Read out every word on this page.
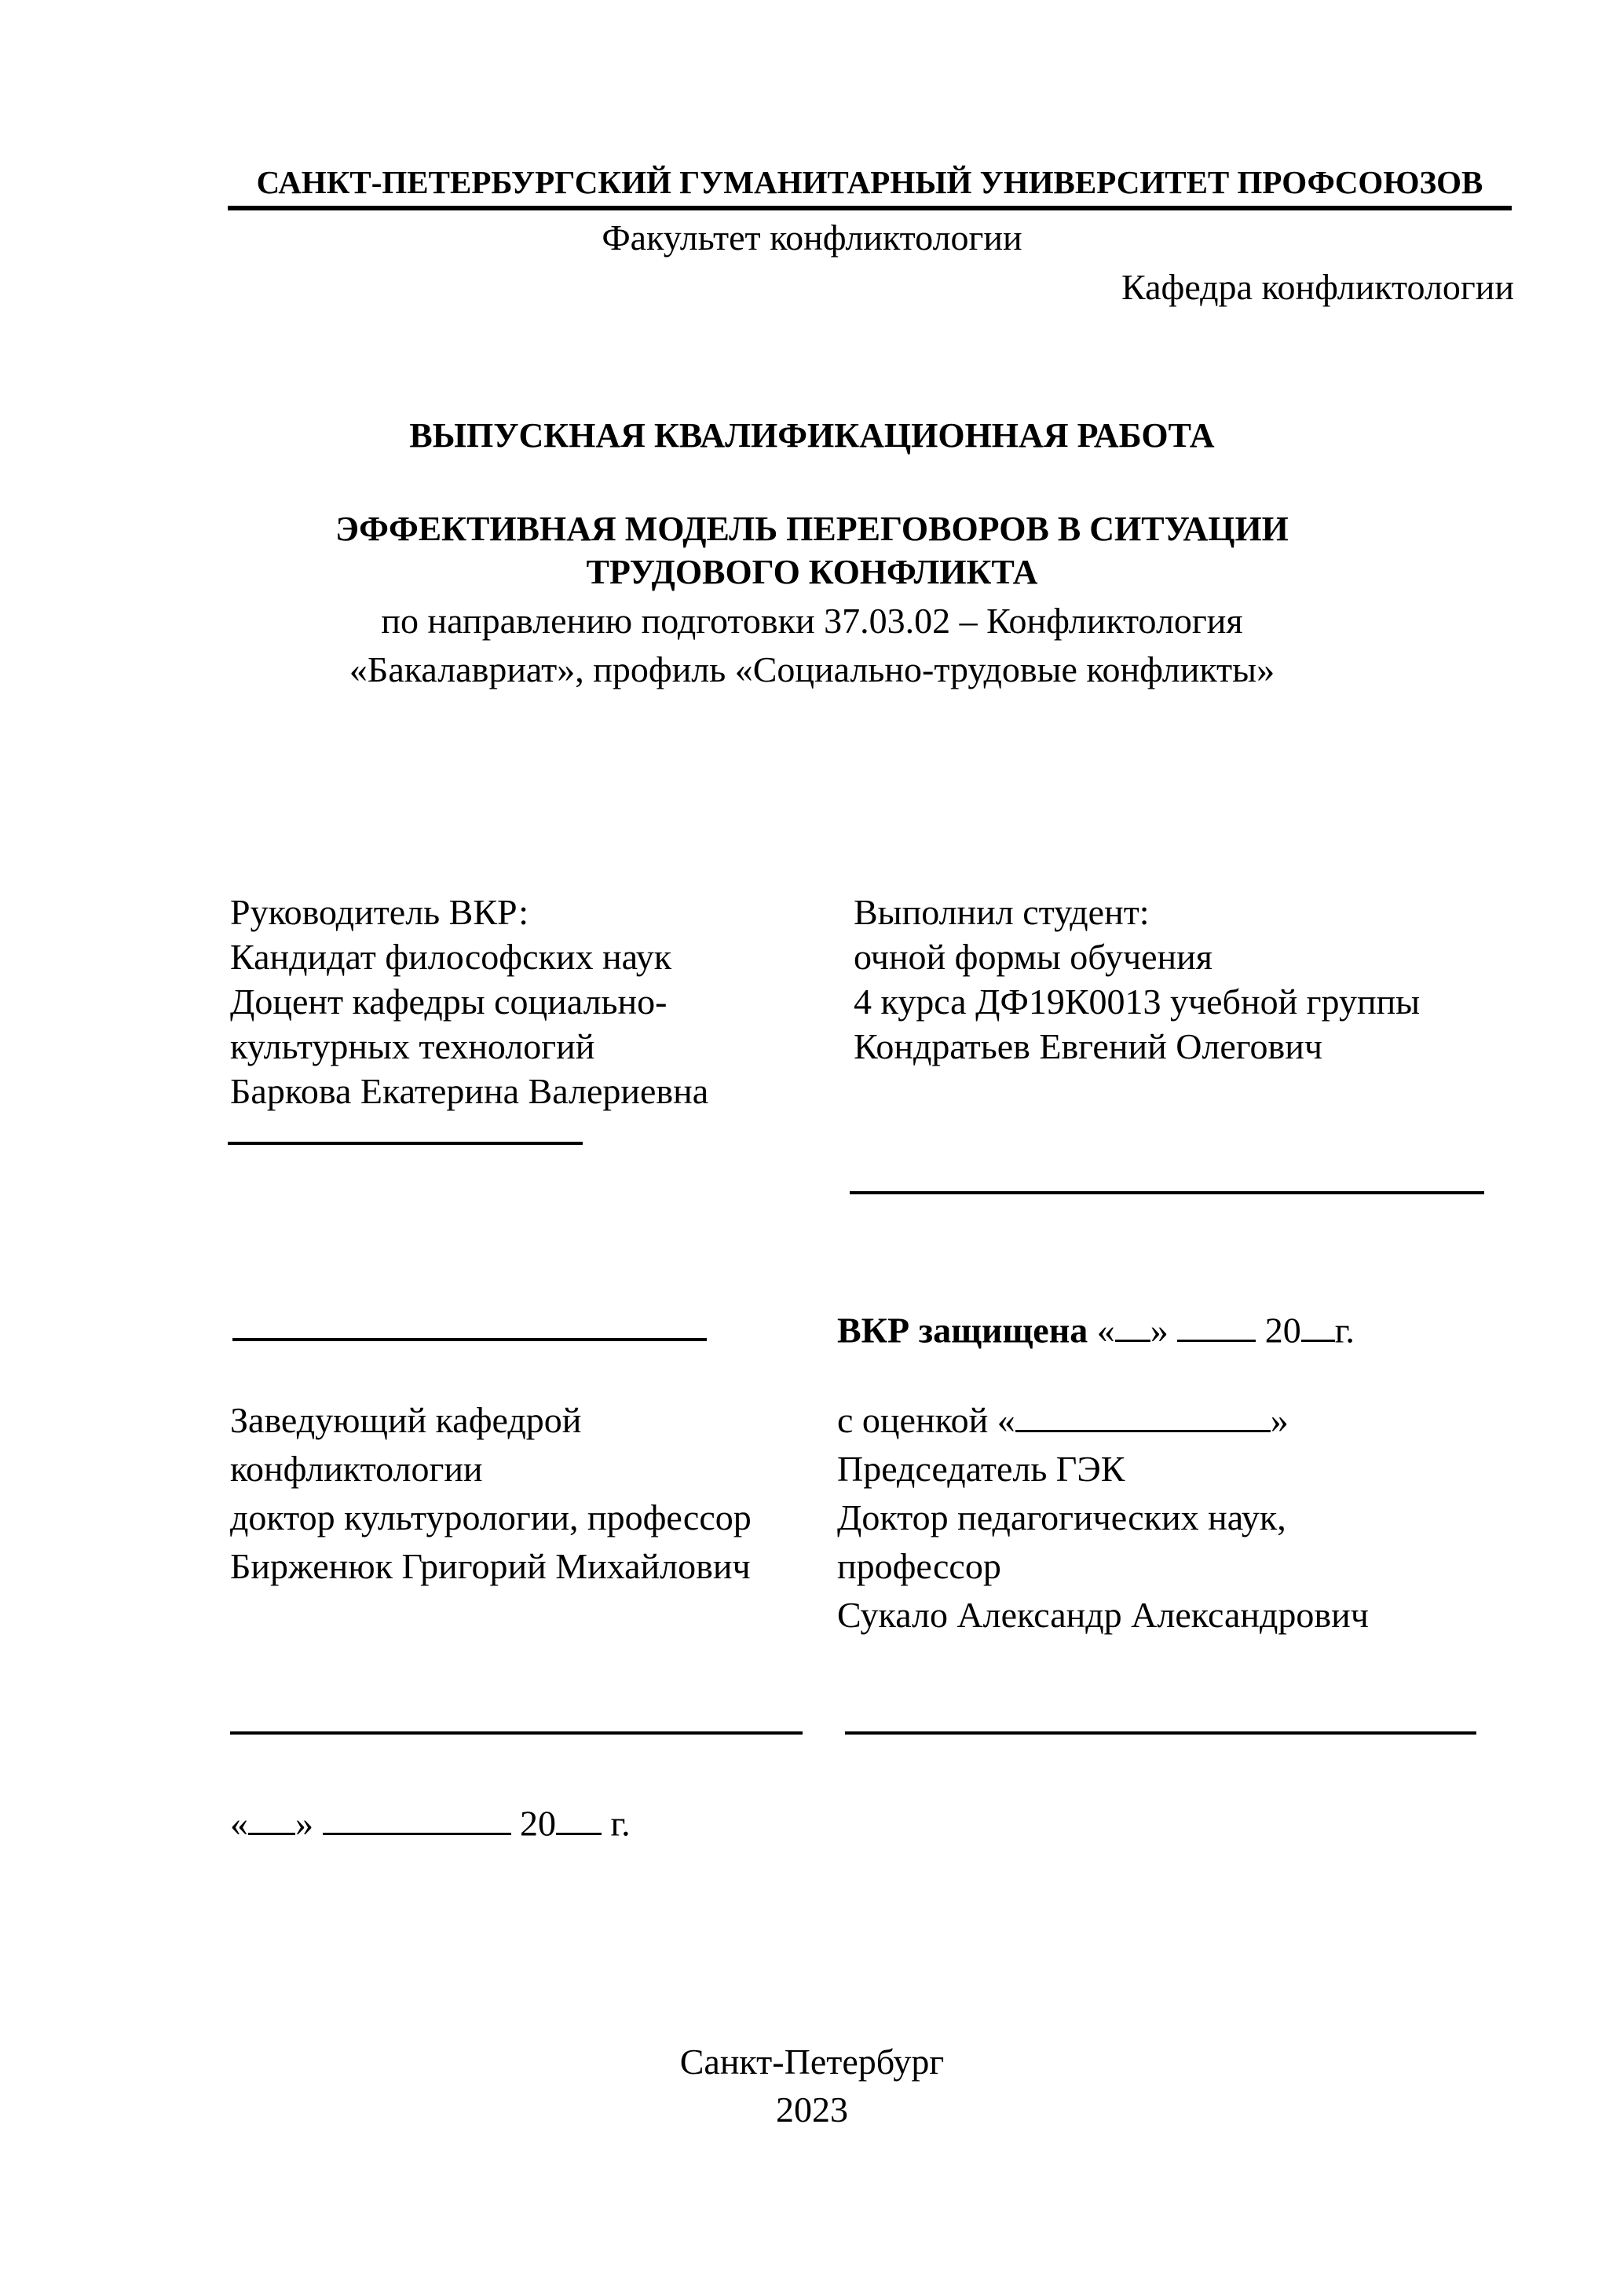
САНКТ-ПЕТЕРБУРГСКИЙ ГУМАНИТАРНЫЙ УНИВЕРСИТЕТ ПРОФСОЮЗОВ
Факультет конфликтологии
Кафедра конфликтологии
ВЫПУСКНАЯ КВАЛИФИКАЦИОННАЯ РАБОТА
ЭФФЕКТИВНАЯ МОДЕЛЬ ПЕРЕГОВОРОВ В СИТУАЦИИ
ТРУДОВОГО КОНФЛИКТА
по направлению подготовки 37.03.02 – Конфликтология
«Бакалавриат», профиль «Социально-трудовые конфликты»
Руководитель ВКР:
Кандидат философских наук
Доцент кафедры социально-
культурных технологий
Баркова Екатерина Валериевна
Выполнил студент:
очной формы обучения
4 курса ДФ19К0013 учебной группы
Кондратьев Евгений Олегович
ВКР защищена « »	20 г.
Заведующий кафедрой
конфликтологии
доктор культурологии, профессор
Бирженюк Григорий Михайлович
с оценкой «	»
Председатель ГЭК
Доктор педагогических наук,
профессор
Сукало Александр Александрович
« »	20 г.
Санкт-Петербург
2023
